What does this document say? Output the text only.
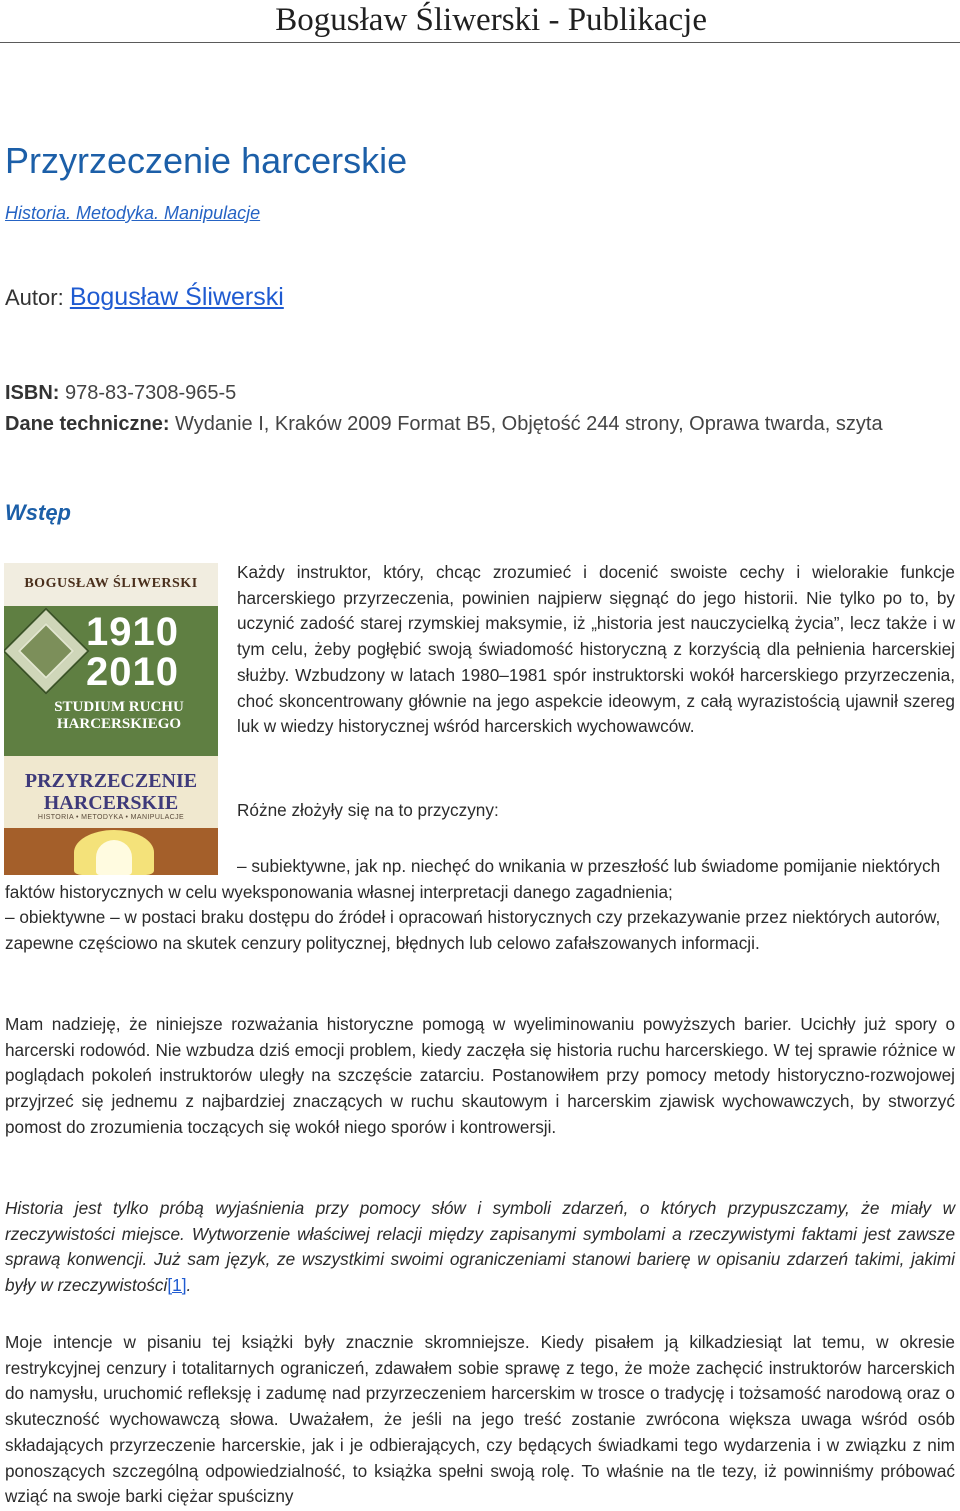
Bogusław Śliwerski - Publikacje
Przyrzeczenie harcerskie
Historia. Metodyka. Manipulacje
Autor: Bogusław Śliwerski
ISBN: 978-83-7308-965-5
Dane techniczne: Wydanie I, Kraków 2009 Format B5, Objętość 244 strony, Oprawa twarda, szyta
Wstęp
BOGUSŁAW ŚLIWERSKI
1910
2010
STUDIUM RUCHU HARCERSKIEGO
PRZYRZECZENIE
HARCERSKIE
HISTORIA • METODYKA • MANIPULACJE
Każdy instruktor, który, chcąc zrozumieć i docenić swoiste cechy i wielorakie funkcje harcerskiego przyrzeczenia, powinien najpierw sięgnąć do jego historii. Nie tylko po to, by uczynić zadość starej rzymskiej maksymie, iż „historia jest nauczycielką życia”, lecz także i w tym celu, żeby pogłębić swoją świadomość historyczną z korzyścią dla pełnienia harcerskiej służby. Wzbudzony w latach 1980–1981 spór instruktorski wokół harcerskiego przyrzeczenia, choć skoncentrowany głównie na jego aspekcie ideowym, z całą wyrazistością ujawnił szereg luk w wiedzy historycznej wśród harcerskich wychowawców.
Różne złożyły się na to przyczyny:
– subiektywne, jak np. niechęć do wnikania w przeszłość lub świadome pomijanie niektórych faktów historycznych w celu wyeksponowania własnej interpretacji danego zagadnienia;
– obiektywne – w postaci braku dostępu do źródeł i opracowań historycznych czy przekazywanie przez niektórych autorów, zapewne częściowo na skutek cenzury politycznej, błędnych lub celowo zafałszowanych informacji.

Mam nadzieję, że niniejsze rozważania historyczne pomogą w wyeliminowaniu powyższych barier. Ucichły już spory o harcerski rodowód. Nie wzbudza dziś emocji problem, kiedy zaczęła się historia ruchu harcerskiego. W tej sprawie różnice w poglądach pokoleń instruktorów uległy na szczęście zatarciu. Postanowiłem przy pomocy metody historyczno-rozwojowej przyjrzeć się jednemu z najbardziej znaczących w ruchu skautowym i harcerskim zjawisk wychowawczych, by stworzyć pomost do zrozumienia toczących się wokół niego sporów i kontrowersji.

Historia jest tylko próbą wyjaśnienia przy pomocy słów i symboli zdarzeń, o których przypuszczamy, że miały w rzeczywistości miejsce. Wytworzenie właściwej relacji między zapisanymi symbolami a rzeczywistymi faktami jest zawsze sprawą konwencji. Już sam język, ze wszystkimi swoimi ograniczeniami stanowi barierę w opisaniu zdarzeń takimi, jakimi były w rzeczywistości[1].

Moje intencje w pisaniu tej książki były znacznie skromniejsze. Kiedy pisałem ją kilkadziesiąt lat temu, w okresie restrykcyjnej cenzury i totalitarnych ograniczeń, zdawałem sobie sprawę z tego, że może zachęcić instruktorów harcerskich do namysłu, uruchomić refleksję i zadumę nad przyrzeczeniem harcerskim w trosce o tradycję i tożsamość narodową oraz o skuteczność wychowawczą słowa. Uważałem, że jeśli na jego treść zostanie zwrócona większa uwaga wśród osób składających przyrzeczenie harcerskie, jak i je odbierających, czy będących świadkami tego wydarzenia i w związku z nim ponoszących szczególną odpowiedzialność, to książka spełni swoją rolę. To właśnie na tle tezy, iż powinniśmy próbować wziąć na swoje barki ciężar spuścizny
